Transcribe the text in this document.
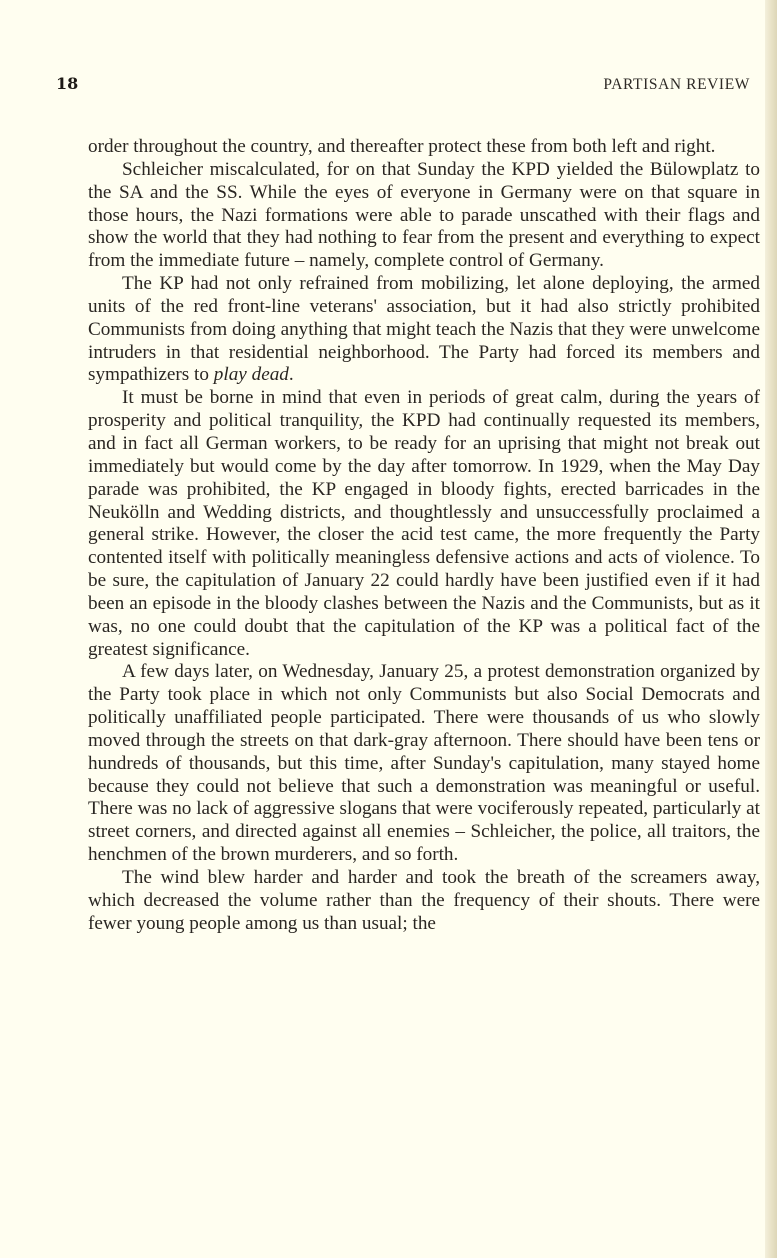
18	PARTISAN REVIEW

order throughout the country, and thereafter protect these from both left and right.

Schleicher miscalculated, for on that Sunday the KPD yielded the Bülowplatz to the SA and the SS. While the eyes of everyone in Germany were on that square in those hours, the Nazi formations were able to parade unscathed with their flags and show the world that they had nothing to fear from the present and everything to expect from the immediate future – namely, complete control of Germany.

The KP had not only refrained from mobilizing, let alone deploying, the armed units of the red front-line veterans' association, but it had also strictly prohibited Communists from doing anything that might teach the Nazis that they were unwelcome intruders in that residential neighborhood. The Party had forced its members and sympathizers to play dead.

It must be borne in mind that even in periods of great calm, during the years of prosperity and political tranquility, the KPD had continually requested its members, and in fact all German workers, to be ready for an uprising that might not break out immediately but would come by the day after tomorrow. In 1929, when the May Day parade was prohibited, the KP engaged in bloody fights, erected barricades in the Neukölln and Wedding districts, and thoughtlessly and unsuccessfully proclaimed a general strike. However, the closer the acid test came, the more frequently the Party contented itself with politically meaningless defensive actions and acts of violence. To be sure, the capitulation of January 22 could hardly have been justified even if it had been an episode in the bloody clashes between the Nazis and the Communists, but as it was, no one could doubt that the capitulation of the KP was a political fact of the greatest significance.

A few days later, on Wednesday, January 25, a protest demonstration organized by the Party took place in which not only Communists but also Social Democrats and politically unaffiliated people participated. There were thousands of us who slowly moved through the streets on that dark-gray afternoon. There should have been tens or hundreds of thousands, but this time, after Sunday's capitulation, many stayed home because they could not believe that such a demonstration was meaningful or useful. There was no lack of aggressive slogans that were vociferously repeated, particularly at street corners, and directed against all enemies – Schleicher, the police, all traitors, the henchmen of the brown murderers, and so forth.

The wind blew harder and harder and took the breath of the screamers away, which decreased the volume rather than the frequency of their shouts. There were fewer young people among us than usual; the
